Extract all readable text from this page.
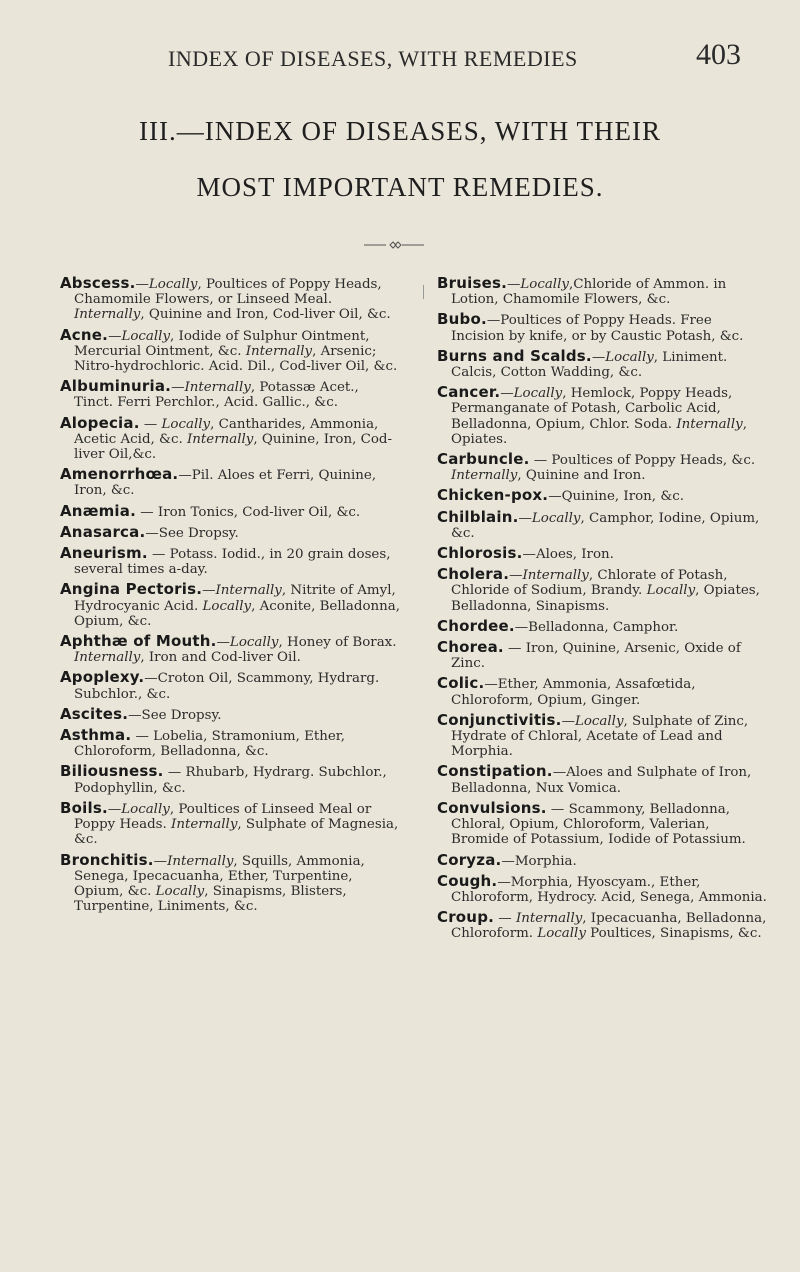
INDEX OF DISEASES, WITH REMEDIES	403
III.—INDEX OF DISEASES, WITH THEIR
MOST IMPORTANT REMEDIES.

Abscess.—Locally, Poultices of Poppy Heads, Chamomile Flowers, or Linseed Meal. Internally, Quinine and Iron, Cod-liver Oil, &c.

Acne.—Locally, Iodide of Sulphur Ointment, Mercurial Ointment, &c. Internally, Arsenic; Nitro-hydrochloric. Acid. Dil., Cod-liver Oil, &c.

Albuminuria.—Internally, Potassæ Acet., Tinct. Ferri Perchlor., Acid. Gallic., &c.

Alopecia. — Locally, Cantharides, Ammonia, Acetic Acid, &c. Internally, Quinine, Iron, Cod-liver Oil,&c.

Amenorrhœa.—Pil. Aloes et Ferri, Quinine, Iron, &c.

Anæmia. — Iron Tonics, Cod-liver Oil, &c.

Anasarca.—See Dropsy.

Aneurism. — Potass. Iodid., in 20 grain doses, several times a-day.

Angina Pectoris.—Internally, Nitrite of Amyl, Hydrocyanic Acid. Locally, Aconite, Belladonna, Opium, &c.

Aphthæ of Mouth.—Locally, Honey of Borax. Internally, Iron and Cod-liver Oil.

Apoplexy.—Croton Oil, Scammony, Hydrarg. Subchlor., &c.

Ascites.—See Dropsy.

Asthma. — Lobelia, Stramonium, Ether, Chloroform, Belladonna, &c.

Biliousness. — Rhubarb, Hydrarg. Subchlor., Podophyllin, &c.

Boils.—Locally, Poultices of Linseed Meal or Poppy Heads. Internally, Sulphate of Magnesia, &c.

Bronchitis.—Internally, Squills, Ammonia, Senega, Ipecacuanha, Ether, Turpentine, Opium, &c. Locally, Sinapisms, Blisters, Turpentine, Liniments, &c.

Bruises.—Locally,Chloride of Ammon. in Lotion, Chamomile Flowers, &c.

Bubo.—Poultices of Poppy Heads. Free Incision by knife, or by Caustic Potash, &c.

Burns and Scalds.—Locally, Liniment. Calcis, Cotton Wadding, &c.

Cancer.—Locally, Hemlock, Poppy Heads, Permanganate of Potash, Carbolic Acid, Belladonna, Opium, Chlor. Soda. Internally, Opiates.

Carbuncle. — Poultices of Poppy Heads, &c. Internally, Quinine and Iron.

Chicken-pox.—Quinine, Iron, &c.

Chilblain.—Locally, Camphor, Iodine, Opium, &c.

Chlorosis.—Aloes, Iron.

Cholera.—Internally, Chlorate of Potash, Chloride of Sodium, Brandy. Locally, Opiates, Belladonna, Sinapisms.

Chordee.—Belladonna, Camphor.

Chorea. — Iron, Quinine, Arsenic, Oxide of Zinc.

Colic.—Ether, Ammonia, Assafœtida, Chloroform, Opium, Ginger.

Conjunctivitis.—Locally, Sulphate of Zinc, Hydrate of Chloral, Acetate of Lead and Morphia.

Constipation.—Aloes and Sulphate of Iron, Belladonna, Nux Vomica.

Convulsions. — Scammony, Belladonna, Chloral, Opium, Chloroform, Valerian, Bromide of Potassium, Iodide of Potassium.

Coryza.—Morphia.

Cough.—Morphia, Hyoscyam., Ether, Chloroform, Hydrocy. Acid, Senega, Ammonia.

Croup. — Internally, Ipecacuanha, Belladonna, Chloroform. Locally Poultices, Sinapisms, &c.
